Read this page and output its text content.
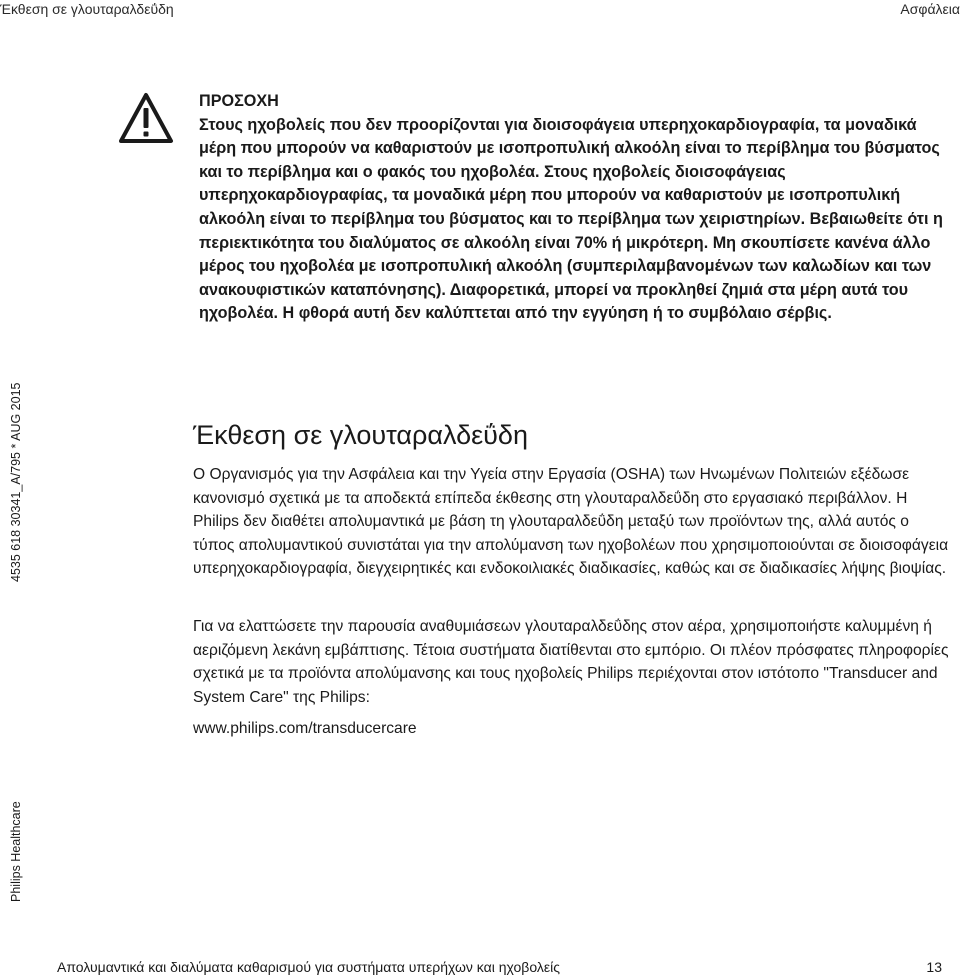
Έκθεση σε γλουταραλδεΰδη	Ασφάλεια
ΠΡΟΣΟΧΗ
Στους ηχοβολείς που δεν προορίζονται για διοισοφάγεια υπερηχοκαρδιογραφία, τα μοναδικά μέρη που μπορούν να καθαριστούν με ισοπροπυλική αλκοόλη είναι το περίβλημα του βύσματος και το περίβλημα και ο φακός του ηχοβολέα. Στους ηχοβολείς διοισοφάγειας υπερηχοκαρδιογραφίας, τα μοναδικά μέρη που μπορούν να καθαριστούν με ισοπροπυλική αλκοόλη είναι το περίβλημα του βύσματος και το περίβλημα των χειριστηρίων. Βεβαιωθείτε ότι η περιεκτικότητα του διαλύματος σε αλκοόλη είναι 70% ή μικρότερη. Μη σκουπίσετε κανένα άλλο μέρος του ηχοβολέα με ισοπροπυλική αλκοόλη (συμπεριλαμβανομένων των καλωδίων και των ανακουφιστικών καταπόνησης). Διαφορετικά, μπορεί να προκληθεί ζημιά στα μέρη αυτά του ηχοβολέα. Η φθορά αυτή δεν καλύπτεται από την εγγύηση ή το συμβόλαιο σέρβις.
4535 618 30341_A/795 * AUG 2015
Philips Healthcare
Έκθεση σε γλουταραλδεΰδη
Ο Οργανισμός για την Ασφάλεια και την Υγεία στην Εργασία (OSHA) των Ηνωμένων Πολιτειών εξέδωσε κανονισμό σχετικά με τα αποδεκτά επίπεδα έκθεσης στη γλουταραλδεΰδη στο εργασιακό περιβάλλον. Η Philips δεν διαθέτει απολυμαντικά με βάση τη γλουταραλδεΰδη μεταξύ των προϊόντων της, αλλά αυτός ο τύπος απολυμαντικού συνιστάται για την απολύμανση των ηχοβολέων που χρησιμοποιούνται σε διοισοφάγεια υπερηχοκαρδιογραφία, διεγχειρητικές και ενδοκοιλιακές διαδικασίες, καθώς και σε διαδικασίες λήψης βιοψίας.
Για να ελαττώσετε την παρουσία αναθυμιάσεων γλουταραλδεΰδης στον αέρα, χρησιμοποιήστε καλυμμένη ή αεριζόμενη λεκάνη εμβάπτισης. Τέτοια συστήματα διατίθενται στο εμπόριο. Οι πλέον πρόσφατες πληροφορίες σχετικά με τα προϊόντα απολύμανσης και τους ηχοβολείς Philips περιέχονται στον ιστότοπο "Transducer and System Care" της Philips:
www.philips.com/transducercare
Απολυμαντικά και διαλύματα καθαρισμού για συστήματα υπερήχων και ηχοβολείς	13
